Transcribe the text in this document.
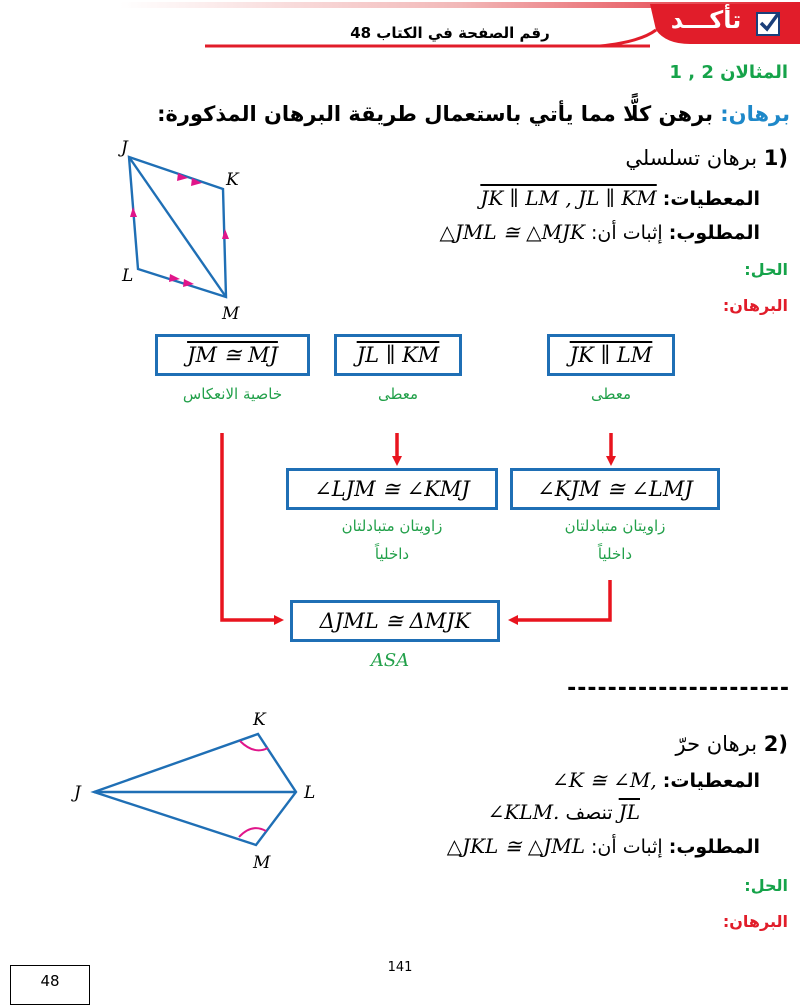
تأكـــد
رقم الصفحة في الكتاب 48
المثالان 2 , 1
برهان: برهن كلًّا مما يأتي باستعمال طريقة البرهان المذكورة:
J
K
L
M
1) برهان تسلسلي
المعطيات: JK ∥ LM , JL ∥ KM
المطلوب: إثبات أن: △JML ≅ △MJK
الحل:
البرهان:
JM ≅ MJ
خاصية الانعكاس
JL ∥ KM
معطى
JK ∥ LM
معطى
∠LJM ≅ ∠KMJ
زاويتان متبادلتان
داخلياً
∠KJM ≅ ∠LMJ
زاويتان متبادلتان
داخلياً
ΔJML ≅ ΔMJK
ASA
----------------------
J
K
L
M
2) برهان حرّ
المعطيات: ∠K ≅ ∠M,
$\overline{JL}$ تنصف ∠KLM.
المطلوب: إثبات أن: △JKL ≅ △JML
الحل:
البرهان:
141
48
